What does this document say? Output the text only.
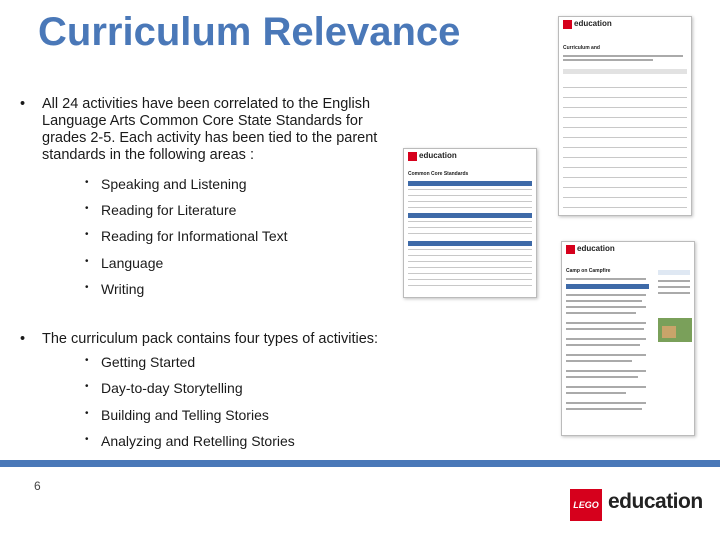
Curriculum Relevance
• All 24 activities have been correlated to the English Language Arts Common Core State Standards for grades 2-5. Each activity has been tied to the parent standards in the following areas :
• Speaking and Listening
• Reading for Literature
• Reading for Informational Text
• Language
• Writing
• The curriculum pack contains four types of activities:
• Getting Started
• Day-to-day Storytelling
• Building and Telling Stories
• Analyzing and Retelling Stories
education
Curriculum and
education
Common Core Standards
education
Camp on Campfire
6
LEGO education
